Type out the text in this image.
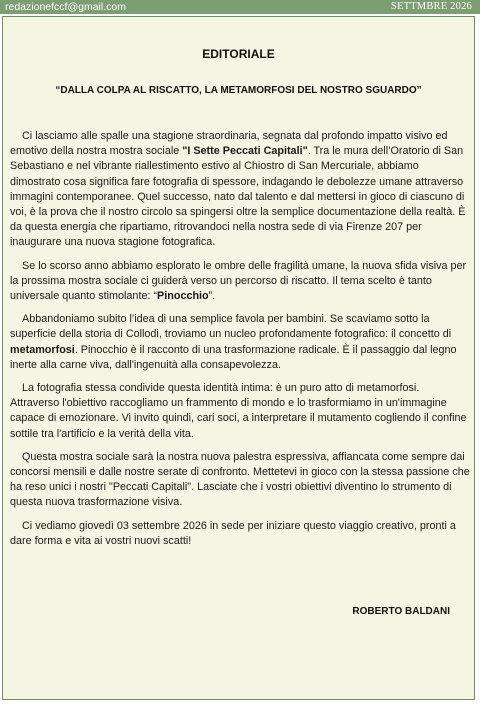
redazionefccf@gmail.com	SETTMBRE 2026
EDITORIALE
“DALLA COLPA AL RISCATTO, LA METAMORFOSI DEL NOSTRO SGUARDO”

Ci lasciamo alle spalle una stagione straordinaria, segnata dal profondo impatto visivo ed emotivo della nostra mostra sociale "I Sette Peccati Capitali". Tra le mura dell’Oratorio di San Sebastiano e nel vibrante riallestimento estivo al Chiostro di San Mercuriale, abbiamo dimostrato cosa significa fare fotografia di spessore, indagando le debolezze umane attraverso immagini contemporanee. Quel successo, nato dal talento e dal mettersi in gioco di ciascuno di voi, è la prova che il nostro circolo sa spingersi oltre la semplice documentazione della realtà. È da questa energia che ripartiamo, ritrovandoci nella nostra sede di via Firenze 207 per inaugurare una nuova stagione fotografica.

Se lo scorso anno abbiamo esplorato le ombre delle fragilità umane, la nuova sfida visiva per la prossima mostra sociale ci guiderà verso un percorso di riscatto. Il tema scelto è tanto universale quanto stimolante: “Pinocchio”.

Abbandoniamo subito l’idea di una semplice favola per bambini. Se scaviamo sotto la superficie della storia di Collodi, troviamo un nucleo profondamente fotografico: il concetto di metamorfosi. Pinocchio è il racconto di una trasformazione radicale. È il passaggio dal legno inerte alla carne viva, dall'ingenuità alla consapevolezza.

La fotografia stessa condivide questa identità intima: è un puro atto di metamorfosi. Attraverso l'obiettivo raccogliamo un frammento di mondo e lo trasformiamo in un'immagine capace di emozionare. Vi invito quindi, cari soci, a interpretare il mutamento cogliendo il confine sottile tra l'artificio e la verità della vita.

Questa mostra sociale sarà la nostra nuova palestra espressiva, affiancata come sempre dai concorsi mensili e dalle nostre serate di confronto. Mettetevi in gioco con la stessa passione che ha reso unici i nostri "Peccati Capitali". Lasciate che i vostri obiettivi diventino lo strumento di questa nuova trasformazione visiva.

Ci vediamo giovedì 03 settembre 2026 in sede per iniziare questo viaggio creativo, pronti a dare forma e vita ai vostri nuovi scatti!

ROBERTO BALDANI
